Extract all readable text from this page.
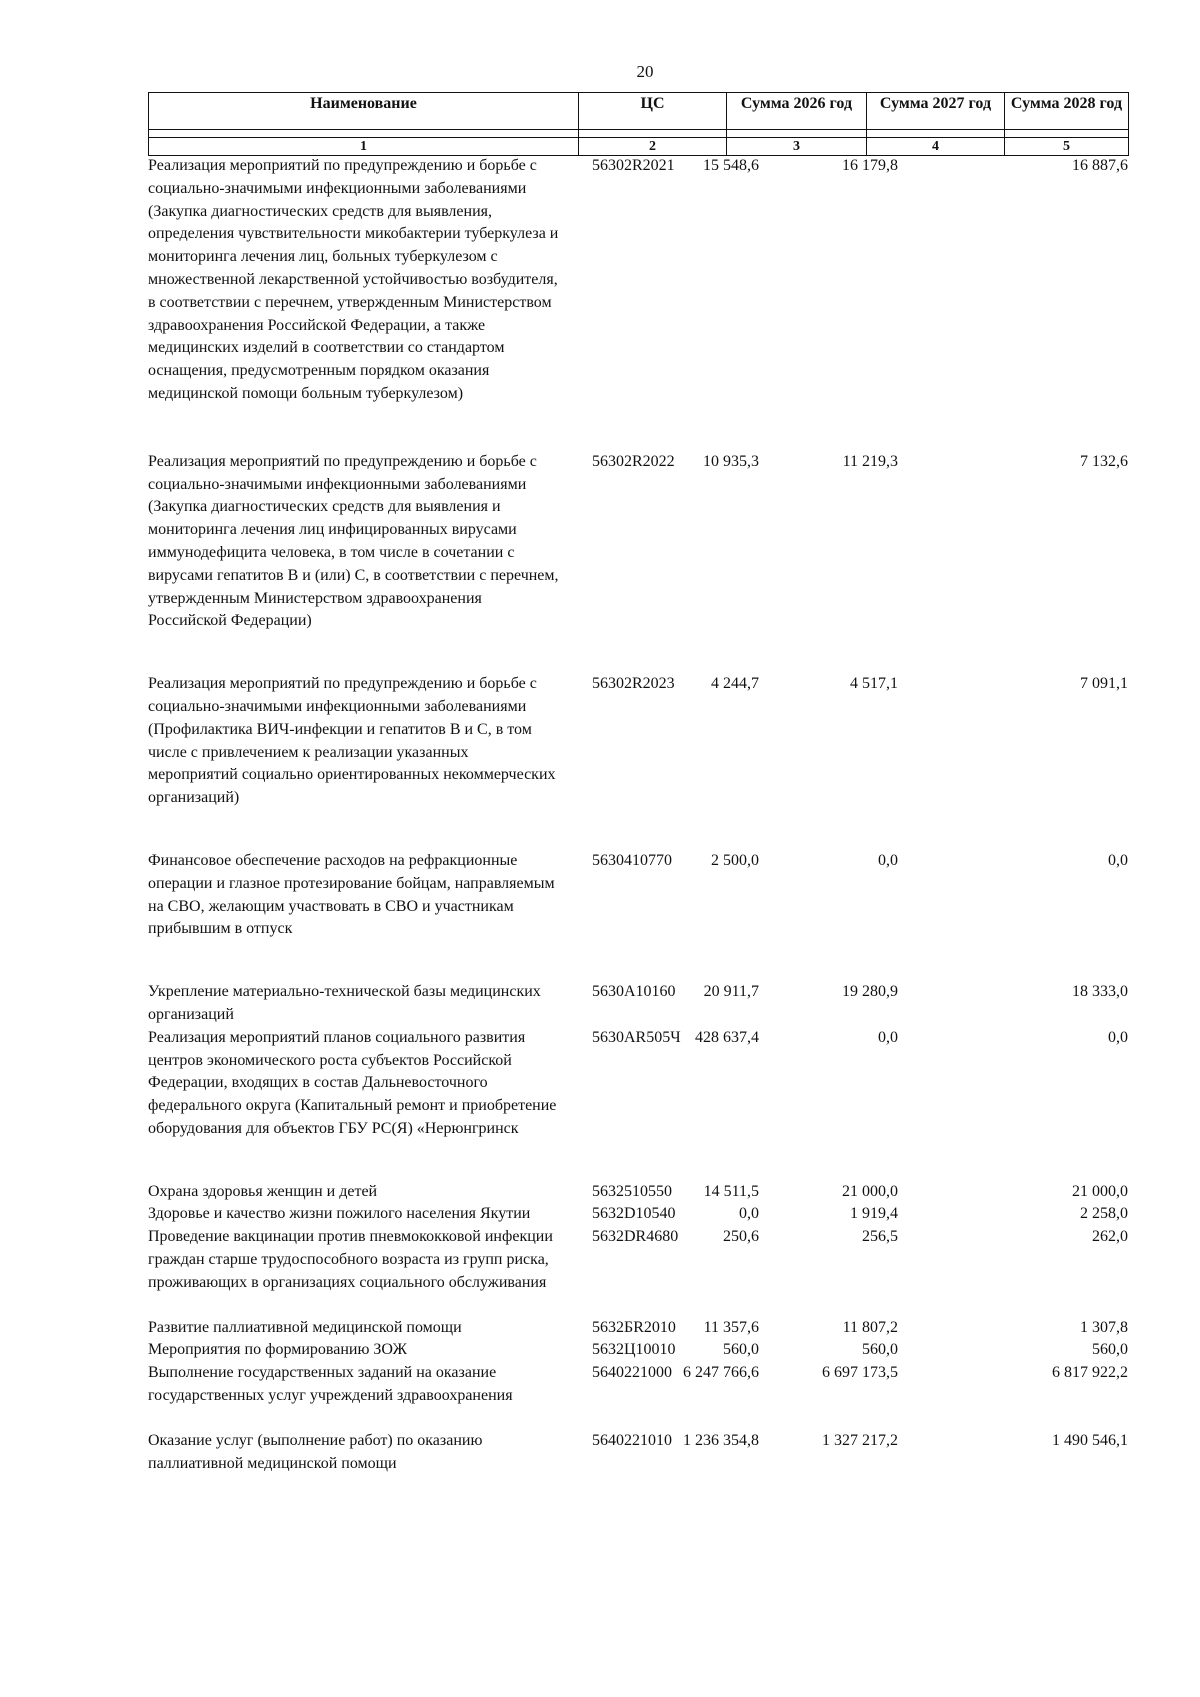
20
Наименование	ЦС	Сумма 2026 год	Сумма 2027 год	Сумма 2028 год

1	2	3	4	5
Реализация мероприятий по предупреждению и борьбе с социально-значимыми инфекционными заболеваниями (Закупка диагностических средств для выявления, определения чувствительности микобактерии туберкулеза и мониторинга лечения лиц, больных туберкулезом с множественной лекарственной устойчивостью возбудителя, в соответствии с перечнем, утвержденным Министерством здравоохранения Российской Федерации, а также медицинских изделий в соответствии со стандартом оснащения, предусмотренным порядком оказания медицинской помощи больным туберкулезом)
56302R2021	15 548,6	16 179,8	16 887,6
Реализация мероприятий по предупреждению и борьбе с социально-значимыми инфекционными заболеваниями (Закупка диагностических средств для выявления и мониторинга лечения лиц инфицированных вирусами иммунодефицита человека, в том числе в сочетании с вирусами гепатитов В и (или) С, в соответствии с перечнем, утвержденным Министерством здравоохранения Российской Федерации)
56302R2022	10 935,3	11 219,3	7 132,6
Реализация мероприятий по предупреждению и борьбе с социально-значимыми инфекционными заболеваниями (Профилактика ВИЧ-инфекции и гепатитов В и С, в том числе с привлечением к реализации указанных мероприятий социально ориентированных некоммерческих организаций)
56302R2023	4 244,7	4 517,1	7 091,1
Финансовое обеспечение расходов на рефракционные операции и глазное протезирование бойцам, направляемым на СВО, желающим участвовать в СВО и участникам прибывшим в отпуск
5630410770	2 500,0	0,0	0,0
Укрепление материально-технической базы медицинских организаций
5630А10160	20 911,7	19 280,9	18 333,0
Реализация мероприятий планов социального развития центров экономического роста субъектов Российской Федерации, входящих в состав Дальневосточного федерального округа (Капитальный ремонт и приобретение оборудования для объектов ГБУ РС(Я) «Нерюнгринск
5630АR505Ч 428 637,4	0,0	0,0
Охрана здоровья женщин и детей	5632510550	14 511,5	21 000,0	21 000,0
Здоровье и качество жизни пожилого населения Якутии	5632D10540	0,0	1 919,4	2 258,0
Проведение вакцинации против пневмококковой инфекции граждан старше трудоспособного возраста из групп риска, проживающих в организациях социального обслуживания
5632DR4680	250,6	256,5	262,0
Развитие паллиативной медицинской помощи	5632БR2010	11 357,6	11 807,2	1 307,8
Мероприятия по формированию ЗОЖ	5632Ц10010	560,0	560,0	560,0
Выполнение государственных заданий на оказание государственных услуг учреждений здравоохранения
5640221000 6 247 766,6	6 697 173,5	6 817 922,2
Оказание услуг (выполнение работ) по оказанию паллиативной медицинской помощи
5640221010 1 236 354,8	1 327 217,2	1 490 546,1
